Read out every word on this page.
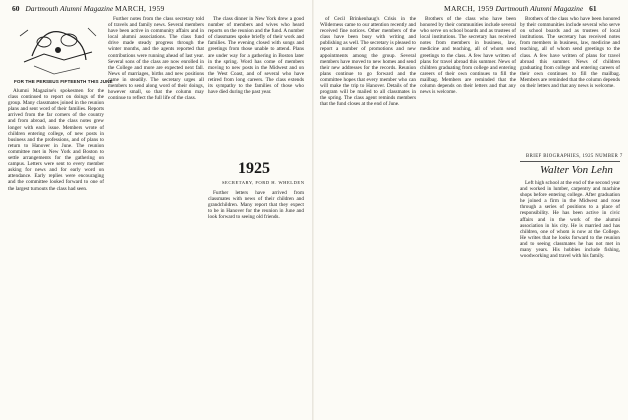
60 Dartmouth Alumni Magazine MARCH, 1959
FOR THE PERSEUS FIFTEENTH THIS JUNE

Alumni Magazine's spokesmen for the class continued to report on doings of the group. Many classmates joined in the reunion plans and sent word of their families. Reports arrived from the far corners of the country and from abroad, and the class notes grew longer with each issue. Members wrote of children entering college, of new posts in business and the professions, and of plans to return to Hanover in June. The reunion committee met in New York and Boston to settle arrangements for the gathering on campus. Letters were sent to every member asking for news and for early word on attendance. Early replies were encouraging and the committee looked forward to one of the largest turnouts the class had seen.

Further notes from the class secretary told of travels and family news. Several members have been active in community affairs and in local alumni associations. The class fund drive made steady progress through the winter months, and the agents reported that contributions were running ahead of last year. Several sons of the class are now enrolled in the College and more are expected next fall. News of marriages, births and new positions came in steadily. The secretary urges all members to send along word of their doings, however small, so that the column may continue to reflect the full life of the class.

1925
SECRETARY, FORD H. WHELDEN

The class dinner in New York drew a good number of members and wives who heard reports on the reunion and the fund. A number of classmates spoke briefly of their work and families. The evening closed with songs and greetings from those unable to attend. Plans are under way for a gathering in Boston later in the spring. Word has come of members moving to new posts in the Midwest and on the West Coast, and of several who have retired from long careers. The class extends its sympathy to the families of those who have died during the past year.

Further letters have arrived from classmates with news of their children and grandchildren. Many report that they expect to be in Hanover for the reunion in June and look forward to seeing old friends.

MARCH, 1959 Dartmouth Alumni Magazine 61

of Cecil Brinkenhaug's Crisis in the Wilderness came to our attention recently and received fine notices. Other members of the class have been busy with writing and publishing as well. The secretary is pleased to report a number of promotions and new appointments among the group. Several members have moved to new homes and send their new addresses for the records. Reunion plans continue to go forward and the committee hopes that every member who can will make the trip to Hanover. Details of the program will be mailed to all classmates in the spring. The class agent reminds members that the fund closes at the end of June.

Brothers of the class who have been honored by their communities include several who serve on school boards and as trustees of local institutions. The secretary has received notes from members in business, law, medicine and teaching, all of whom send greetings to the class. A few have written of plans for travel abroad this summer. News of children graduating from college and entering careers of their own continues to fill the mailbag. Members are reminded that the column depends on their letters and that any news is welcome.

BRIEF BIOGRAPHIES, 1925 NUMBER 7
Walter Von Lehn

Brothers of the class who have been honored by their communities include several who serve on school boards and as trustees of local institutions. The secretary has received notes from members in business, law, medicine and teaching, all of whom send greetings to the class. A few have written of plans for travel abroad this summer. News of children graduating from college and entering careers of their own continues to fill the mailbag. Members are reminded that the column depends on their letters and that any news is welcome.

Left high school at the end of the second year and worked in lumber, carpentry and machine shops before entering college. After graduation he joined a firm in the Midwest and rose through a series of positions to a place of responsibility. He has been active in civic affairs and in the work of the alumni association in his city. He is married and has children, one of whom is now at the College. He writes that he looks forward to the reunion and to seeing classmates he has not met in many years. His hobbies include fishing, woodworking and travel with his family.
